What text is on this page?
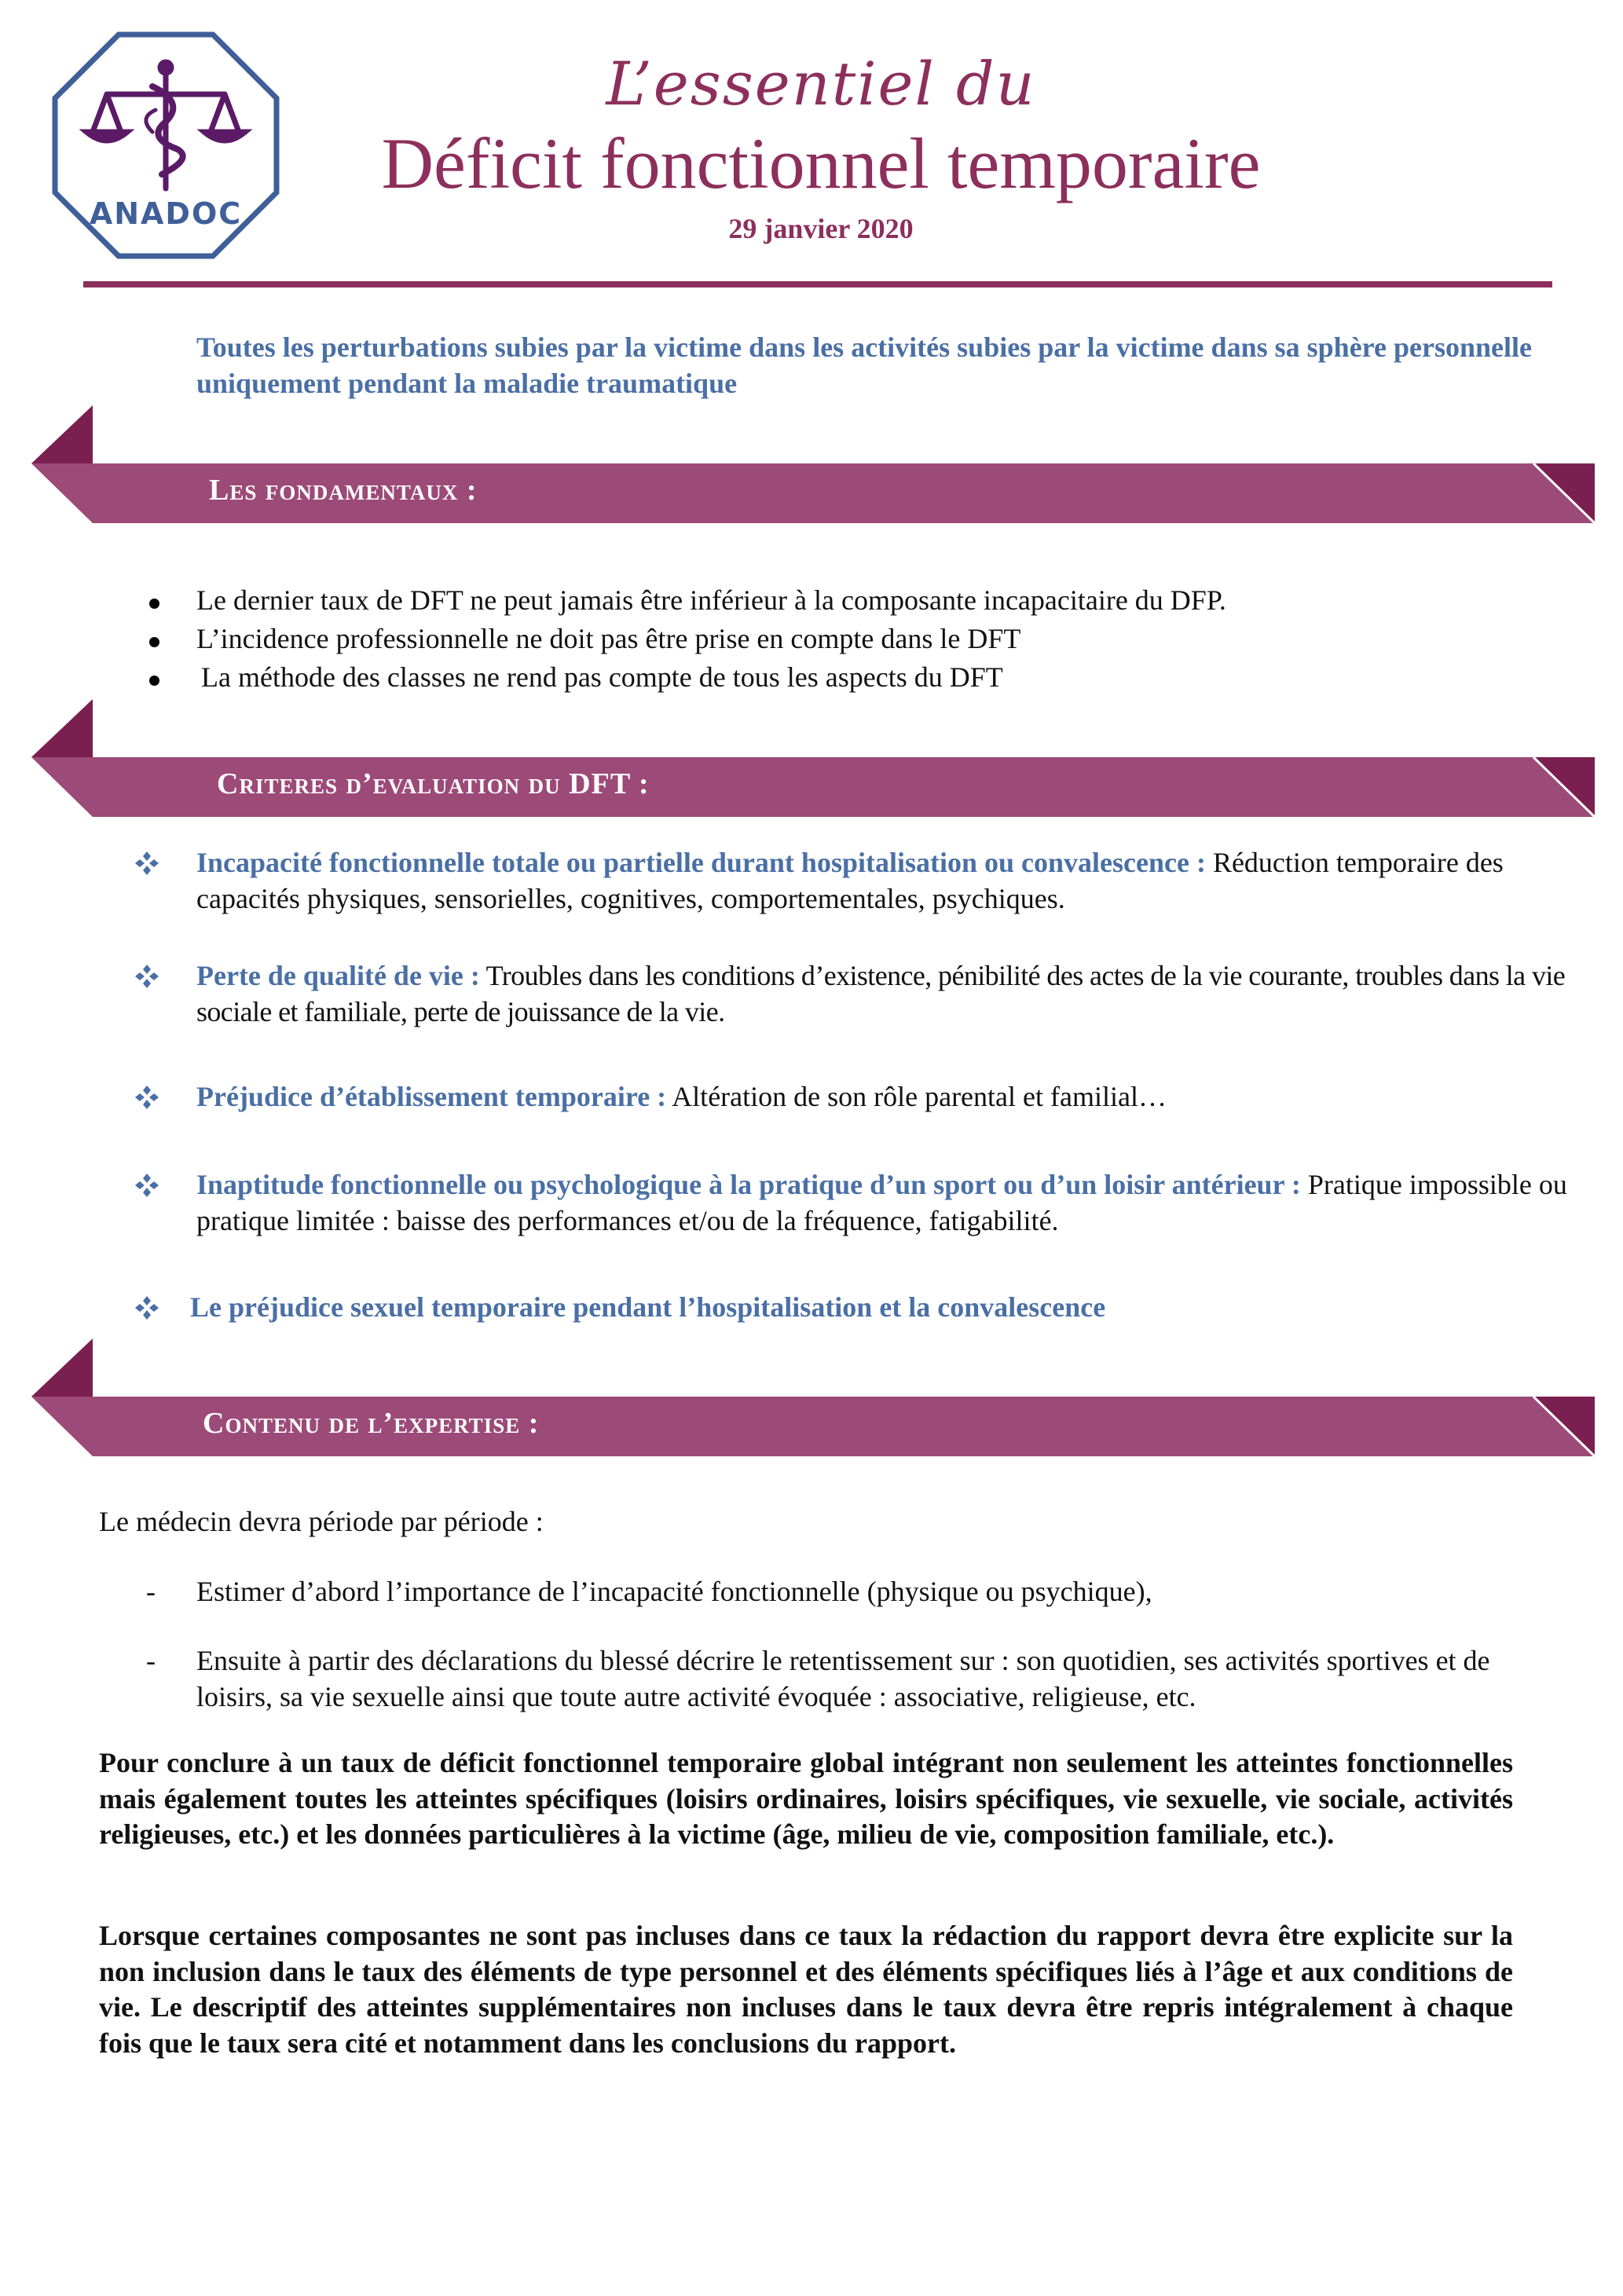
ANADOC
L’essentiel du
Déficit fonctionnel temporaire
29 janvier 2020
Toutes les perturbations subies par la victime dans les activités subies par la victime dans sa sphère personnelle uniquement pendant la maladie traumatique
Les fondamentaux :
Le dernier taux de DFT ne peut jamais être inférieur à la composante incapacitaire du DFP.
L’incidence professionnelle ne doit pas être prise en compte dans le DFT
La méthode des classes ne rend pas compte de tous les aspects du DFT
Criteres d’evaluation du DFT :
Incapacité fonctionnelle totale ou partielle durant hospitalisation ou convalescence : Réduction temporaire des capacités physiques, sensorielles, cognitives, comportementales, psychiques.
Perte de qualité de vie : Troubles dans les conditions d’existence, pénibilité des actes de la vie courante, troubles dans la vie sociale et familiale, perte de jouissance de la vie.
Préjudice d’établissement temporaire : Altération de son rôle parental et familial…
Inaptitude fonctionnelle ou psychologique à la pratique d’un sport ou d’un loisir antérieur : Pratique impossible ou pratique limitée : baisse des performances et/ou de la fréquence, fatigabilité.
Le préjudice sexuel temporaire pendant l’hospitalisation et la convalescence
Contenu de l’expertise :
Le médecin devra période par période :
- Estimer d’abord l’importance de l’incapacité fonctionnelle (physique ou psychique),
- Ensuite à partir des déclarations du blessé décrire le retentissement sur : son quotidien, ses activités sportives et de loisirs, sa vie sexuelle ainsi que toute autre activité évoquée : associative, religieuse, etc.
Pour conclure à un taux de déficit fonctionnel temporaire global intégrant non seulement les atteintes fonctionnelles mais également toutes les atteintes spécifiques (loisirs ordinaires, loisirs spécifiques, vie sexuelle, vie sociale, activités religieuses, etc.) et les données particulières à la victime (âge, milieu de vie, composition familiale, etc.).
Lorsque certaines composantes ne sont pas incluses dans ce taux la rédaction du rapport devra être explicite sur la non inclusion dans le taux des éléments de type personnel et des éléments spécifiques liés à l’âge et aux conditions de vie. Le descriptif des atteintes supplémentaires non incluses dans le taux devra être repris intégralement à chaque fois que le taux sera cité et notamment dans les conclusions du rapport.
